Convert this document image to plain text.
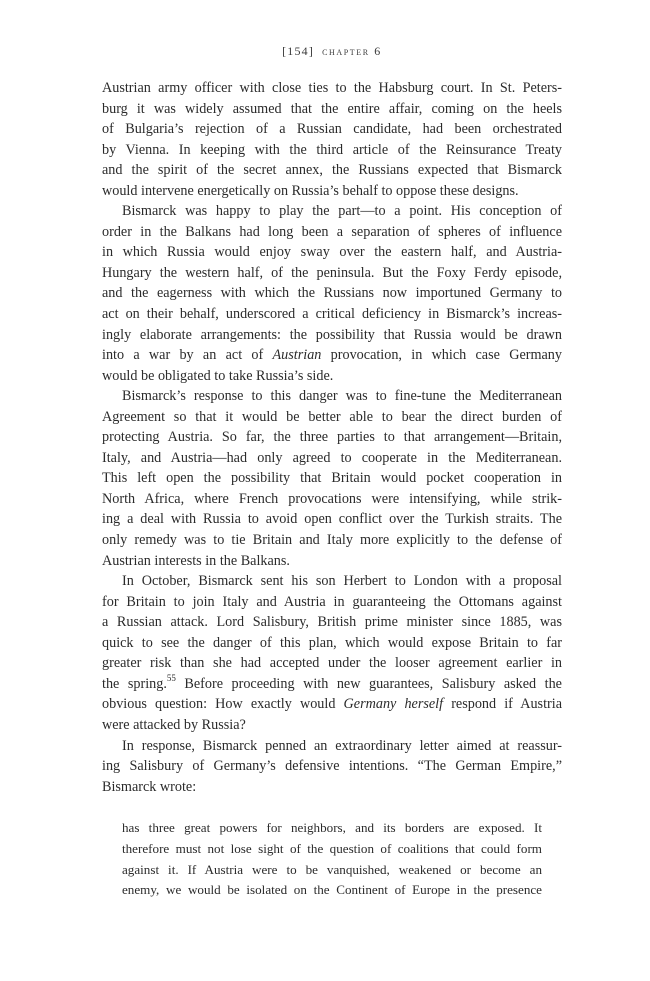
[154] chapter 6
Austrian army officer with close ties to the Habsburg court. In St. Peters-
burg it was widely assumed that the entire affair, coming on the heels
of Bulgaria’s rejection of a Russian candidate, had been orchestrated
by Vienna. In keeping with the third article of the Reinsurance Treaty
and the spirit of the secret annex, the Russians expected that Bismarck
would intervene energetically on Russia’s behalf to oppose these designs.
Bismarck was happy to play the part—to a point. His conception of
order in the Balkans had long been a separation of spheres of influence
in which Russia would enjoy sway over the eastern half, and Austria-
Hungary the western half, of the peninsula. But the Foxy Ferdy episode,
and the eagerness with which the Russians now importuned Germany to
act on their behalf, underscored a critical deficiency in Bismarck’s increas-
ingly elaborate arrangements: the possibility that Russia would be drawn
into a war by an act of Austrian provocation, in which case Germany
would be obligated to take Russia’s side.
Bismarck’s response to this danger was to fine-tune the Mediterranean
Agreement so that it would be better able to bear the direct burden of
protecting Austria. So far, the three parties to that arrangement—Britain,
Italy, and Austria—had only agreed to cooperate in the Mediterranean.
This left open the possibility that Britain would pocket cooperation in
North Africa, where French provocations were intensifying, while strik-
ing a deal with Russia to avoid open conflict over the Turkish straits. The
only remedy was to tie Britain and Italy more explicitly to the defense of
Austrian interests in the Balkans.
In October, Bismarck sent his son Herbert to London with a proposal
for Britain to join Italy and Austria in guaranteeing the Ottomans against
a Russian attack. Lord Salisbury, British prime minister since 1885, was
quick to see the danger of this plan, which would expose Britain to far
greater risk than she had accepted under the looser agreement earlier in
the spring.$^{55}$ Before proceeding with new guarantees, Salisbury asked the
obvious question: How exactly would Germany herself respond if Austria
were attacked by Russia?
In response, Bismarck penned an extraordinary letter aimed at reassur-
ing Salisbury of Germany’s defensive intentions. “The German Empire,”
Bismarck wrote:
has three great powers for neighbors, and its borders are exposed. It
therefore must not lose sight of the question of coalitions that could form
against it. If Austria were to be vanquished, weakened or become an
enemy, we would be isolated on the Continent of Europe in the presence
